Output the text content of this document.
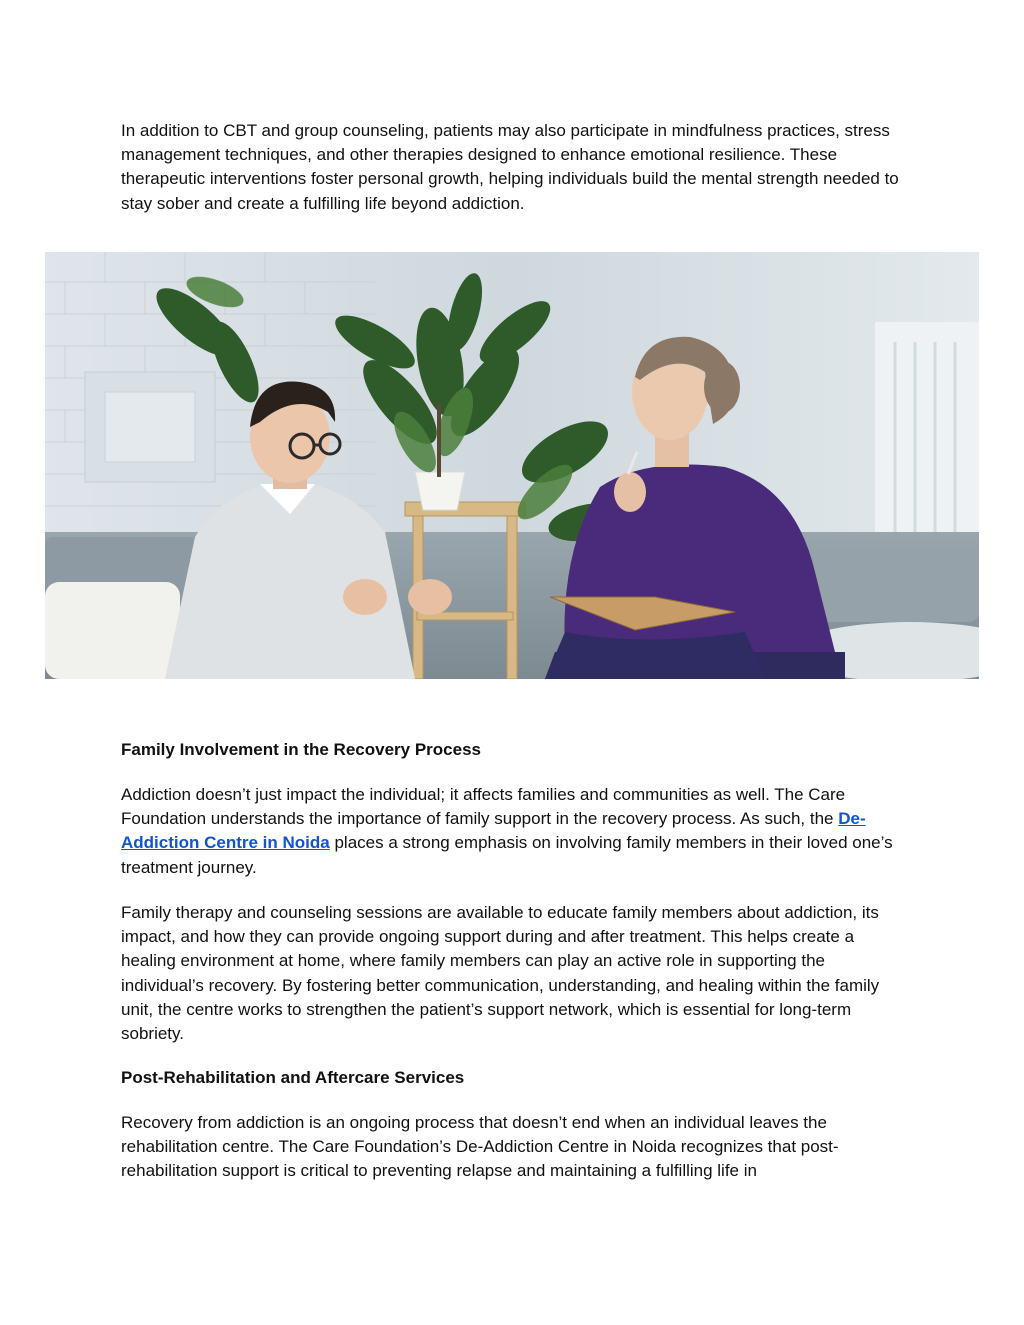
In addition to CBT and group counseling, patients may also participate in mindfulness practices, stress management techniques, and other therapies designed to enhance emotional resilience. These therapeutic interventions foster personal growth, helping individuals build the mental strength needed to stay sober and create a fulfilling life beyond addiction.

Family Involvement in the Recovery Process

Addiction doesn’t just impact the individual; it affects families and communities as well. The Care Foundation understands the importance of family support in the recovery process. As such, the De-Addiction Centre in Noida places a strong emphasis on involving family members in their loved one’s treatment journey.

Family therapy and counseling sessions are available to educate family members about addiction, its impact, and how they can provide ongoing support during and after treatment. This helps create a healing environment at home, where family members can play an active role in supporting the individual’s recovery. By fostering better communication, understanding, and healing within the family unit, the centre works to strengthen the patient’s support network, which is essential for long-term sobriety.

Post-Rehabilitation and Aftercare Services

Recovery from addiction is an ongoing process that doesn’t end when an individual leaves the rehabilitation centre. The Care Foundation’s De-Addiction Centre in Noida recognizes that post-rehabilitation support is critical to preventing relapse and maintaining a fulfilling life in
